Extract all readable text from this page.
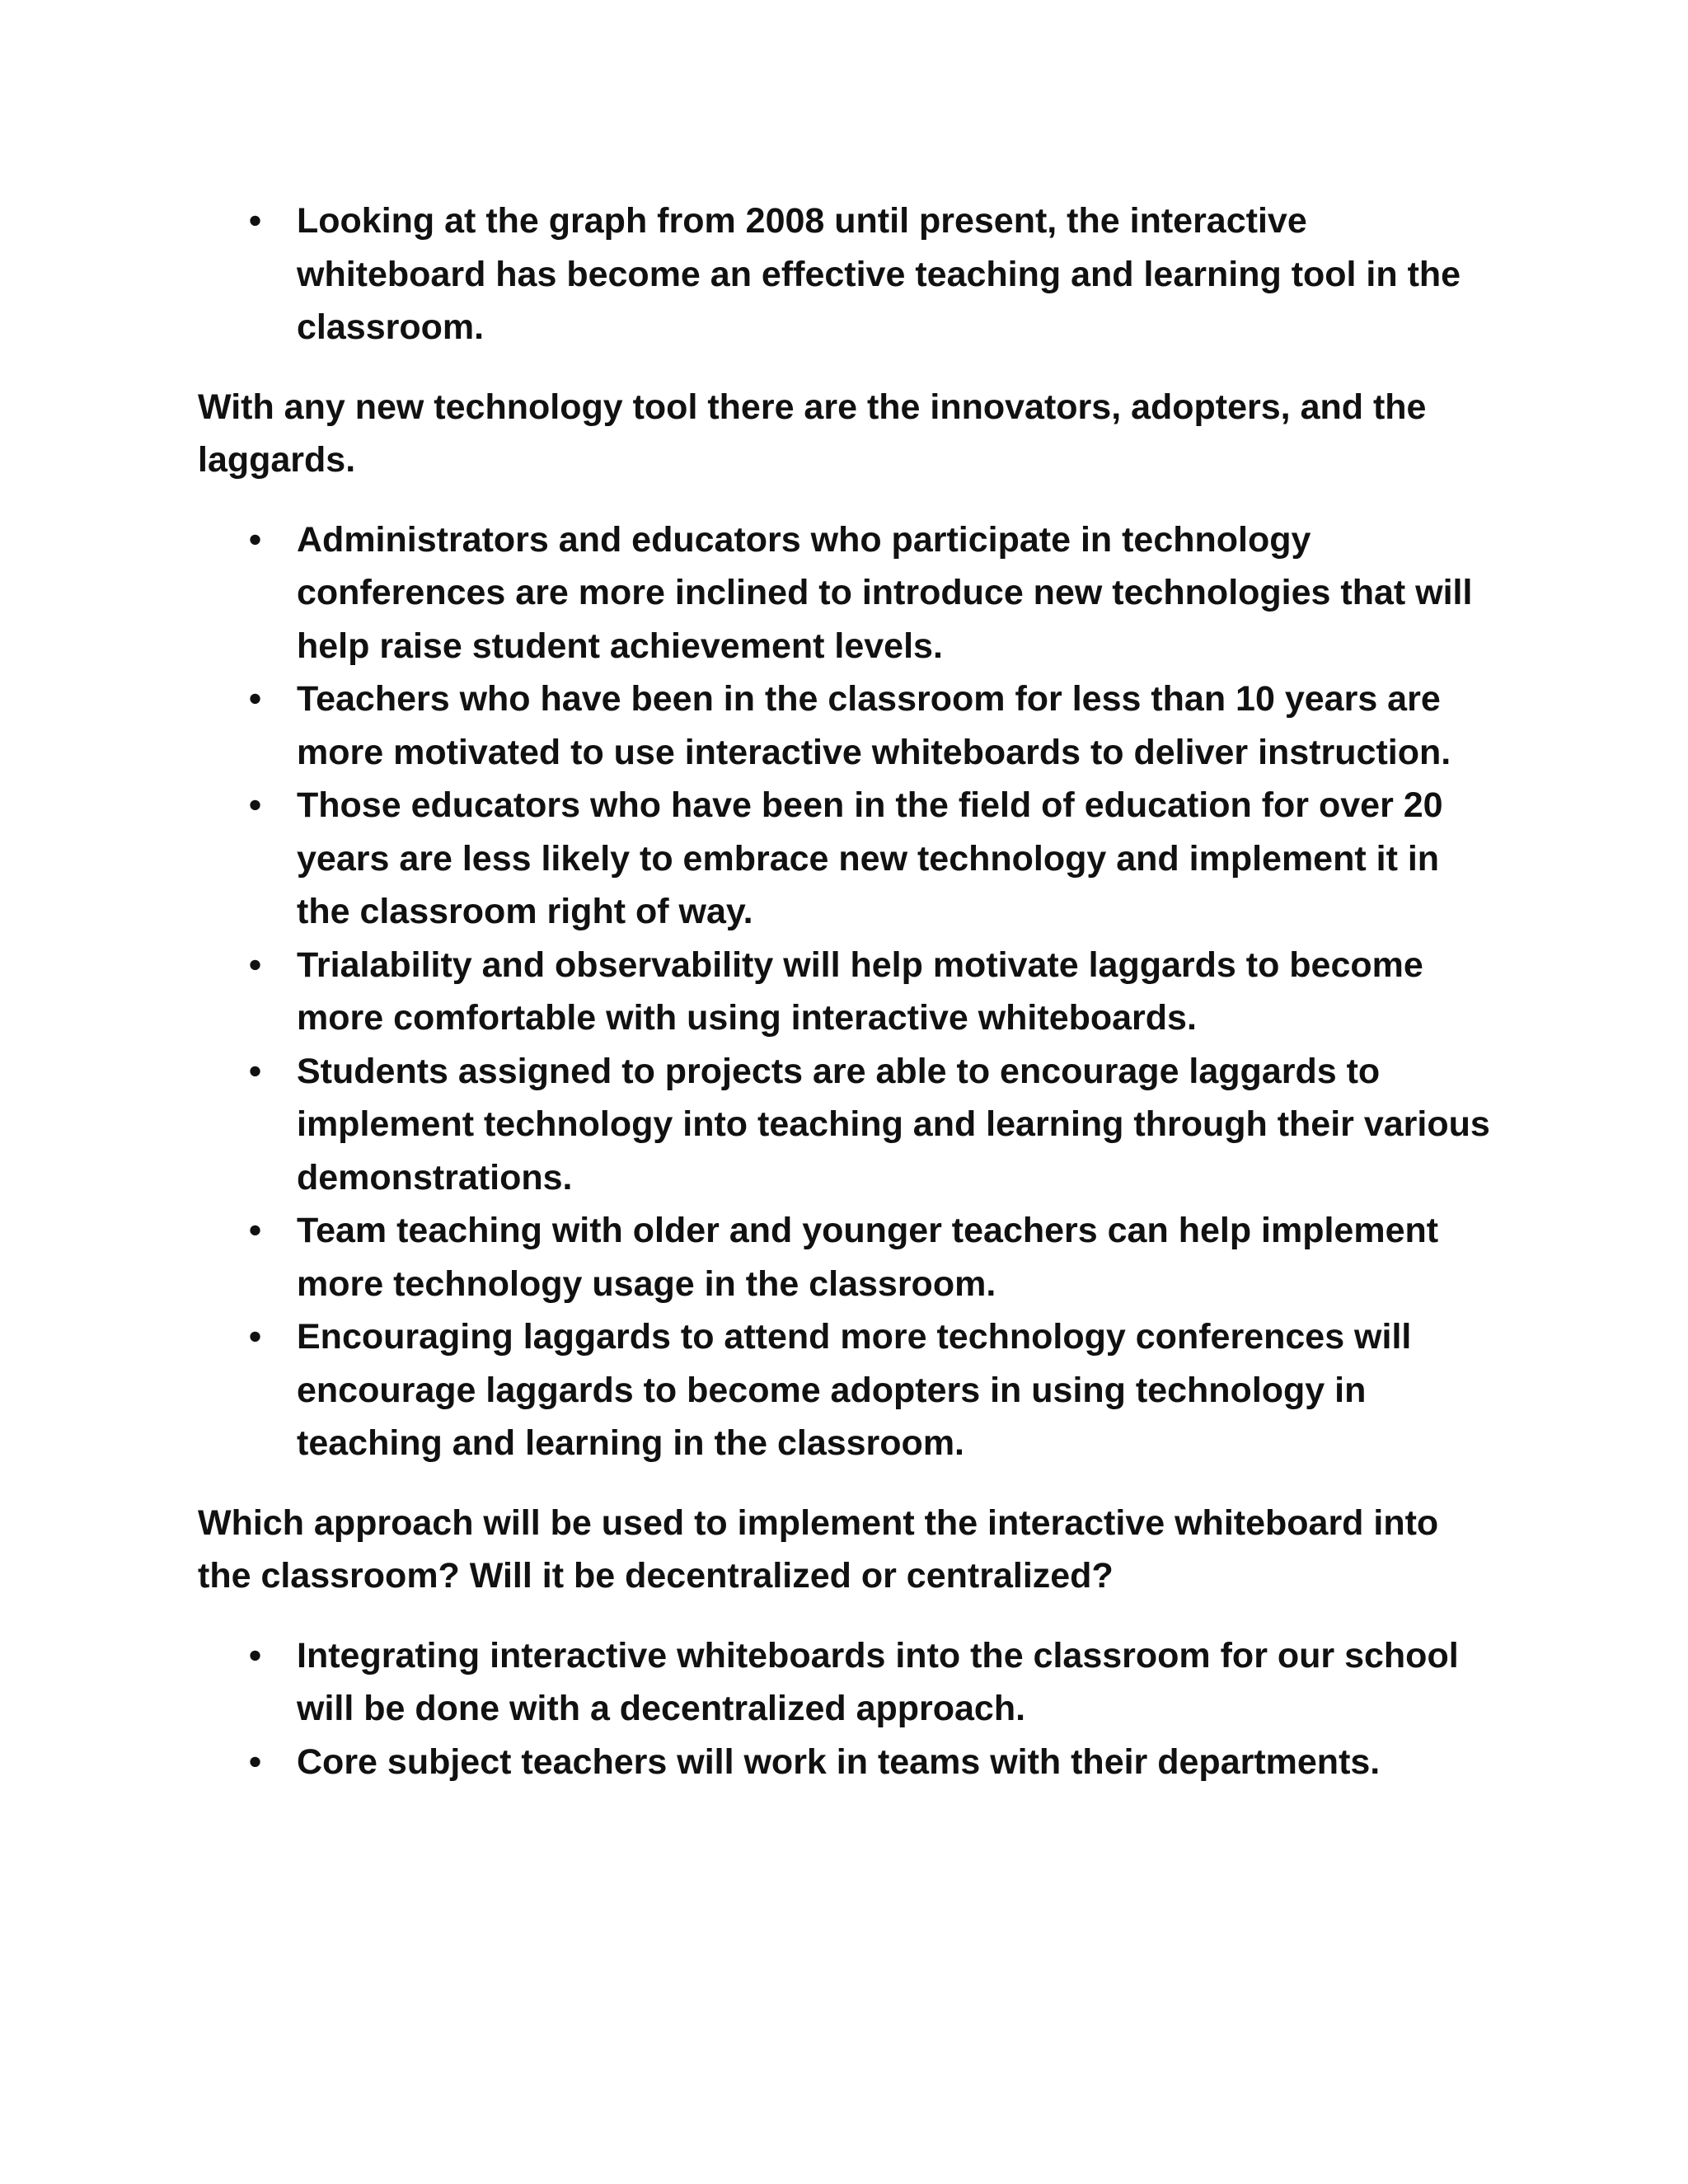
• Looking at the graph from 2008 until present, the interactive whiteboard has become an effective teaching and learning tool in the classroom.

With any new technology tool there are the innovators, adopters, and the laggards.

• Administrators and educators who participate in technology conferences are more inclined to introduce new technologies that will help raise student achievement levels.
• Teachers who have been in the classroom for less than 10 years are more motivated to use interactive whiteboards to deliver instruction.
• Those educators who have been in the field of education for over 20 years are less likely to embrace new technology and implement it in the classroom right of way.
• Trialability and observability will help motivate laggards to become more comfortable with using interactive whiteboards.
• Students assigned to projects are able to encourage laggards to implement technology into teaching and learning through their various demonstrations.
• Team teaching with older and younger teachers can help implement more technology usage in the classroom.
• Encouraging laggards to attend more technology conferences will encourage laggards to become adopters in using technology in teaching and learning in the classroom.

Which approach will be used to implement the interactive whiteboard into the classroom? Will it be decentralized or centralized?

• Integrating interactive whiteboards into the classroom for our school will be done with a decentralized approach.
• Core subject teachers will work in teams with their departments.
